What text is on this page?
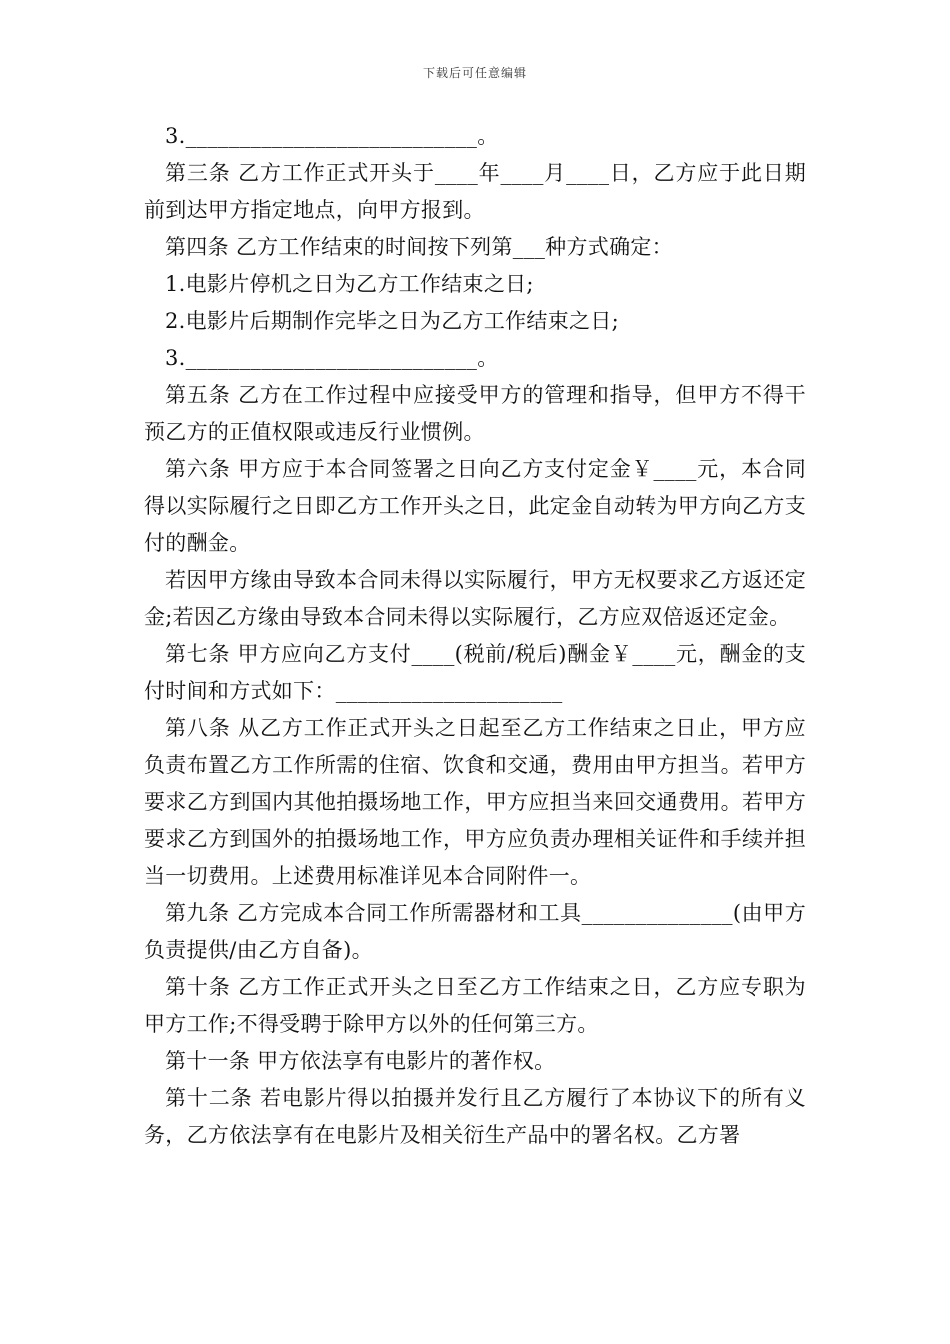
下载后可任意编辑

3.___________________________。

第三条 乙方工作正式开头于____年____月____日，乙方应于此日期前到达甲方指定地点，向甲方报到。

第四条 乙方工作结束的时间按下列第___种方式确定：

1.电影片停机之日为乙方工作结束之日;

2.电影片后期制作完毕之日为乙方工作结束之日;

3.___________________________。

第五条 乙方在工作过程中应接受甲方的管理和指导，但甲方不得干预乙方的正值权限或违反行业惯例。

第六条 甲方应于本合同签署之日向乙方支付定金￥____元，本合同得以实际履行之日即乙方工作开头之日，此定金自动转为甲方向乙方支付的酬金。

若因甲方缘由导致本合同未得以实际履行，甲方无权要求乙方返还定金;若因乙方缘由导致本合同未得以实际履行，乙方应双倍返还定金。

第七条 甲方应向乙方支付____(税前/税后)酬金￥____元，酬金的支付时间和方式如下：_____________________

第八条 从乙方工作正式开头之日起至乙方工作结束之日止，甲方应负责布置乙方工作所需的住宿、饮食和交通，费用由甲方担当。若甲方要求乙方到国内其他拍摄场地工作，甲方应担当来回交通费用。若甲方要求乙方到国外的拍摄场地工作，甲方应负责办理相关证件和手续并担当一切费用。上述费用标准详见本合同附件一。

第九条 乙方完成本合同工作所需器材和工具______________(由甲方负责提供/由乙方自备)。

第十条 乙方工作正式开头之日至乙方工作结束之日，乙方应专职为甲方工作;不得受聘于除甲方以外的任何第三方。

第十一条 甲方依法享有电影片的著作权。

第十二条 若电影片得以拍摄并发行且乙方履行了本协议下的所有义务，乙方依法享有在电影片及相关衍生产品中的署名权。乙方署
